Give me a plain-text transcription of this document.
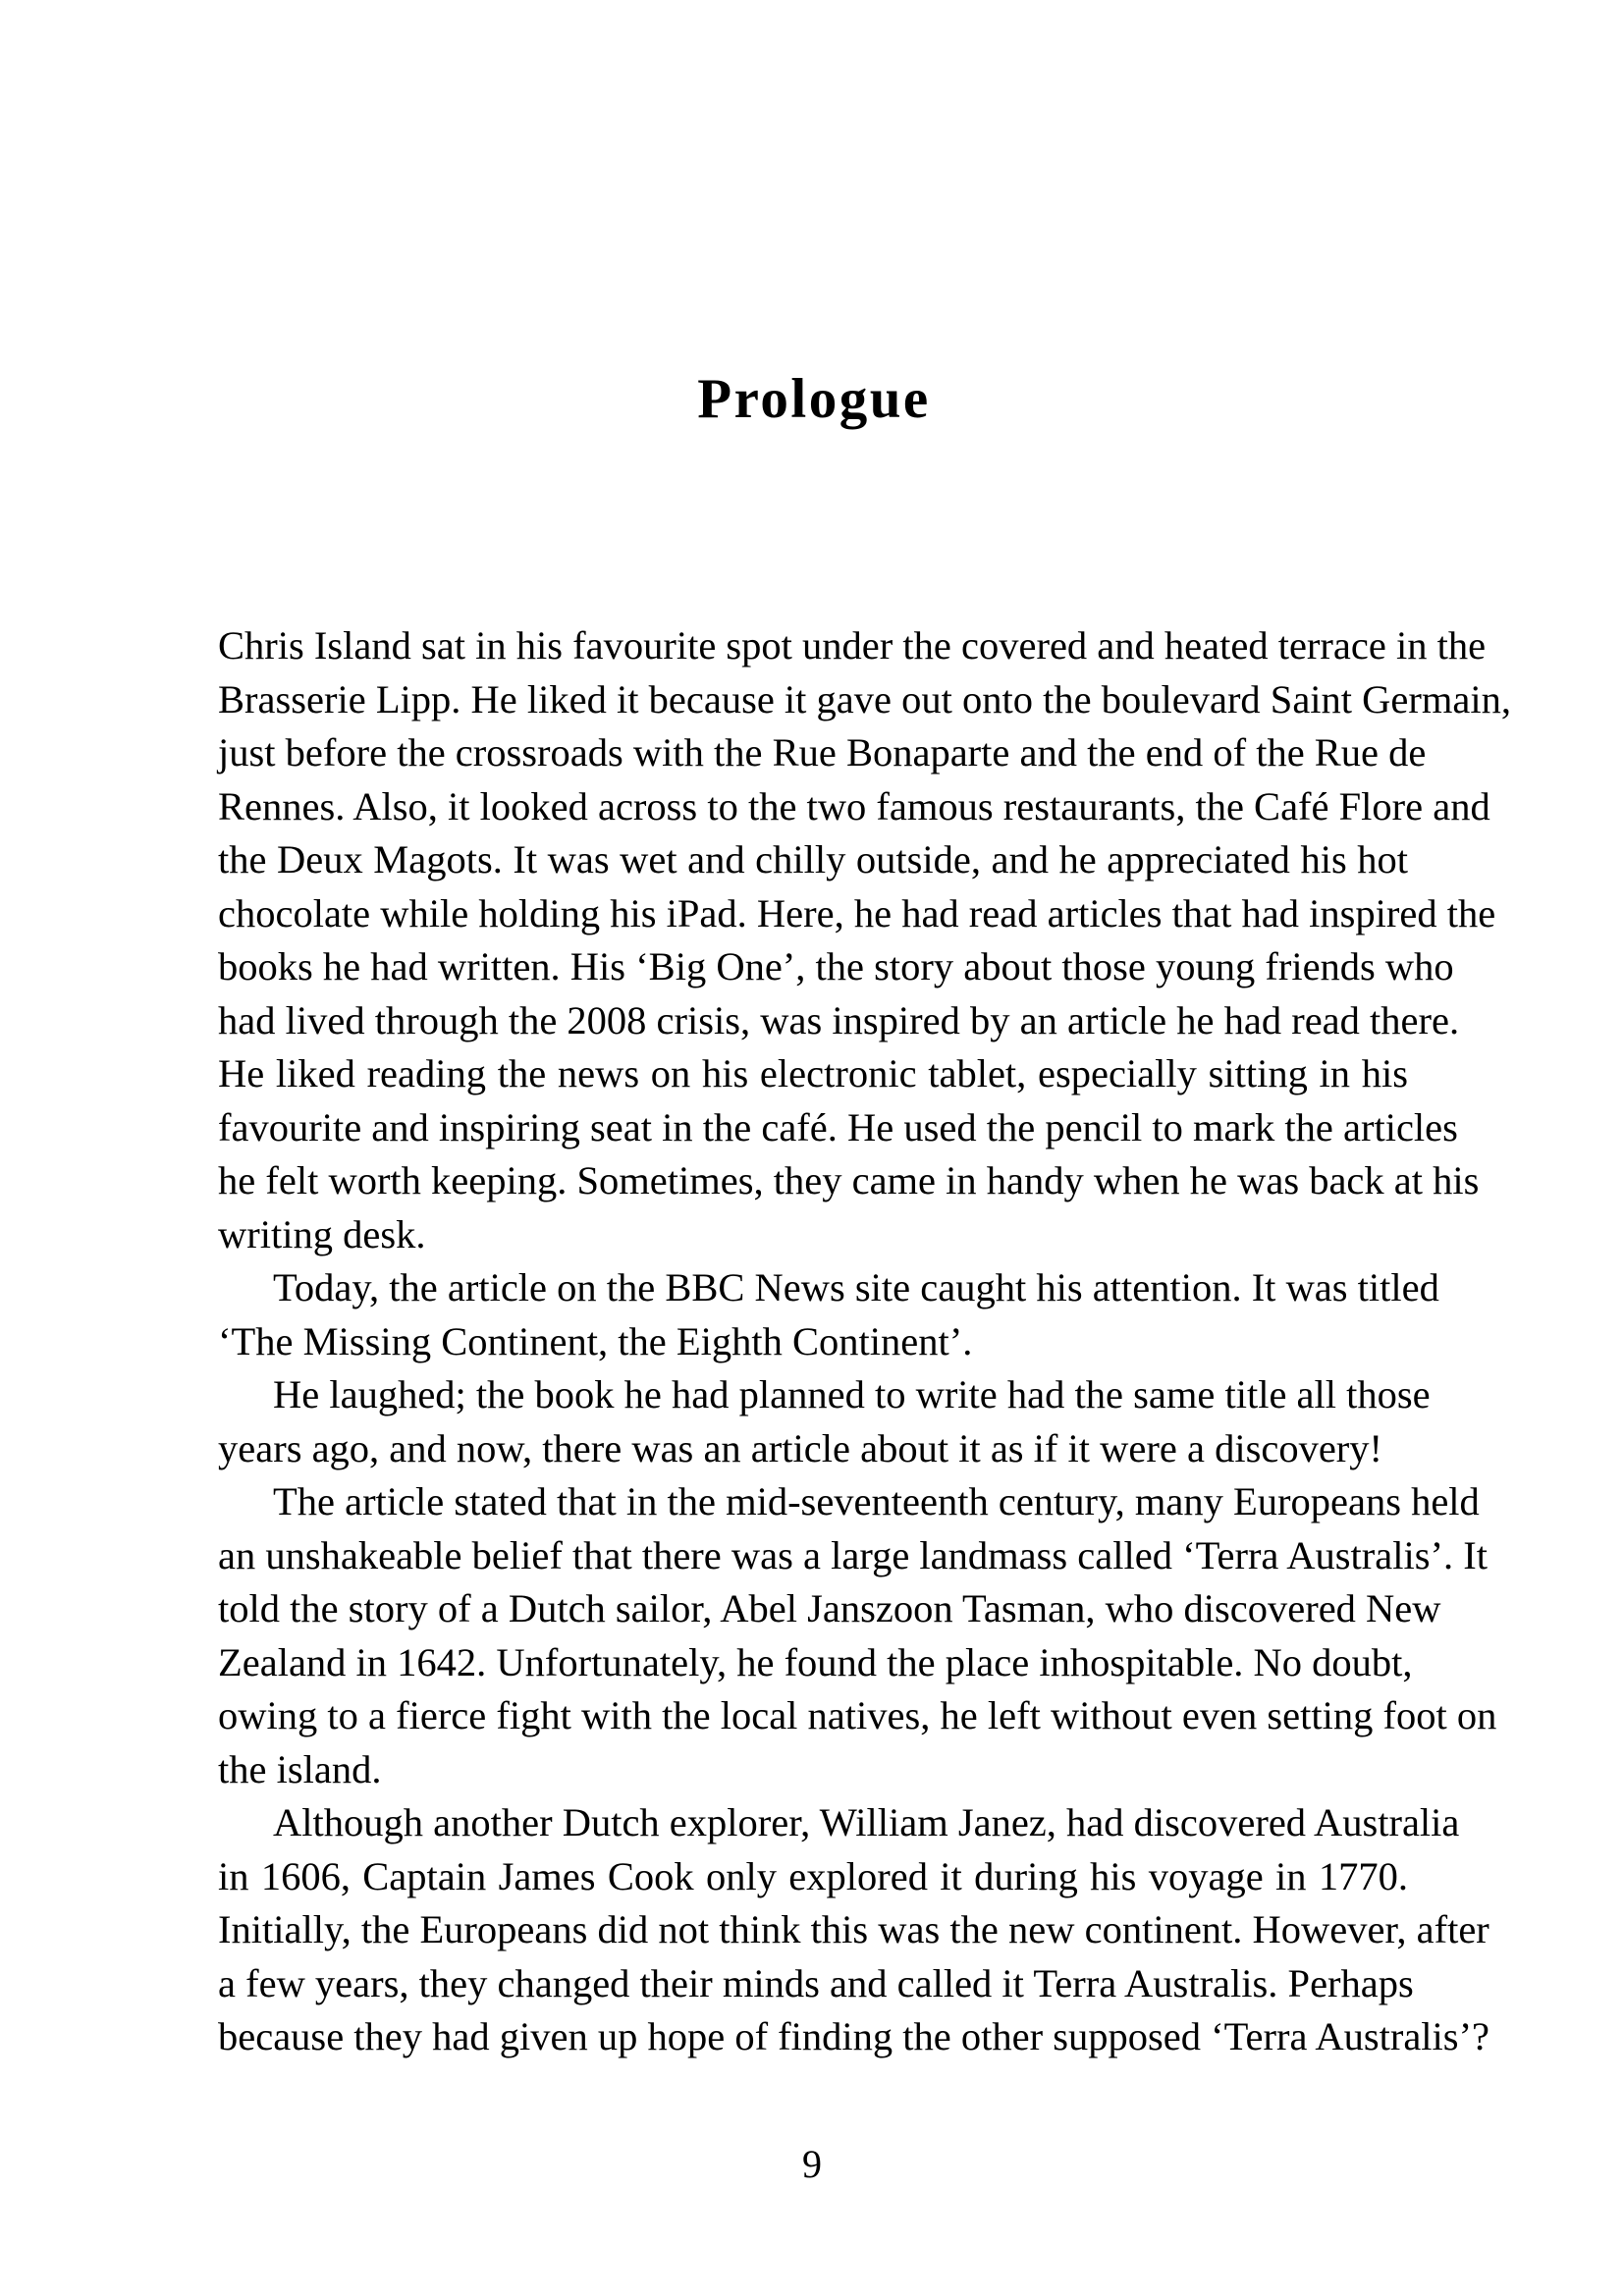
Prologue

Chris Island sat in his favourite spot under the covered and heated terrace in the
Brasserie Lipp. He liked it because it gave out onto the boulevard Saint Germain,
just before the crossroads with the Rue Bonaparte and the end of the Rue de
Rennes. Also, it looked across to the two famous restaurants, the Café Flore and
the Deux Magots. It was wet and chilly outside, and he appreciated his hot
chocolate while holding his iPad. Here, he had read articles that had inspired the
books he had written. His ‘Big One’, the story about those young friends who
had lived through the 2008 crisis, was inspired by an article he had read there.
He liked reading the news on his electronic tablet, especially sitting in his
favourite and inspiring seat in the café. He used the pencil to mark the articles
he felt worth keeping. Sometimes, they came in handy when he was back at his
writing desk.

Today, the article on the BBC News site caught his attention. It was titled
‘The Missing Continent, the Eighth Continent’.

He laughed; the book he had planned to write had the same title all those
years ago, and now, there was an article about it as if it were a discovery!

The article stated that in the mid-seventeenth century, many Europeans held
an unshakeable belief that there was a large landmass called ‘Terra Australis’. It
told the story of a Dutch sailor, Abel Janszoon Tasman, who discovered New
Zealand in 1642. Unfortunately, he found the place inhospitable. No doubt,
owing to a fierce fight with the local natives, he left without even setting foot on
the island.

Although another Dutch explorer, William Janez, had discovered Australia
in 1606, Captain James Cook only explored it during his voyage in 1770.
Initially, the Europeans did not think this was the new continent. However, after
a few years, they changed their minds and called it Terra Australis. Perhaps
because they had given up hope of finding the other supposed ‘Terra Australis’?

9
